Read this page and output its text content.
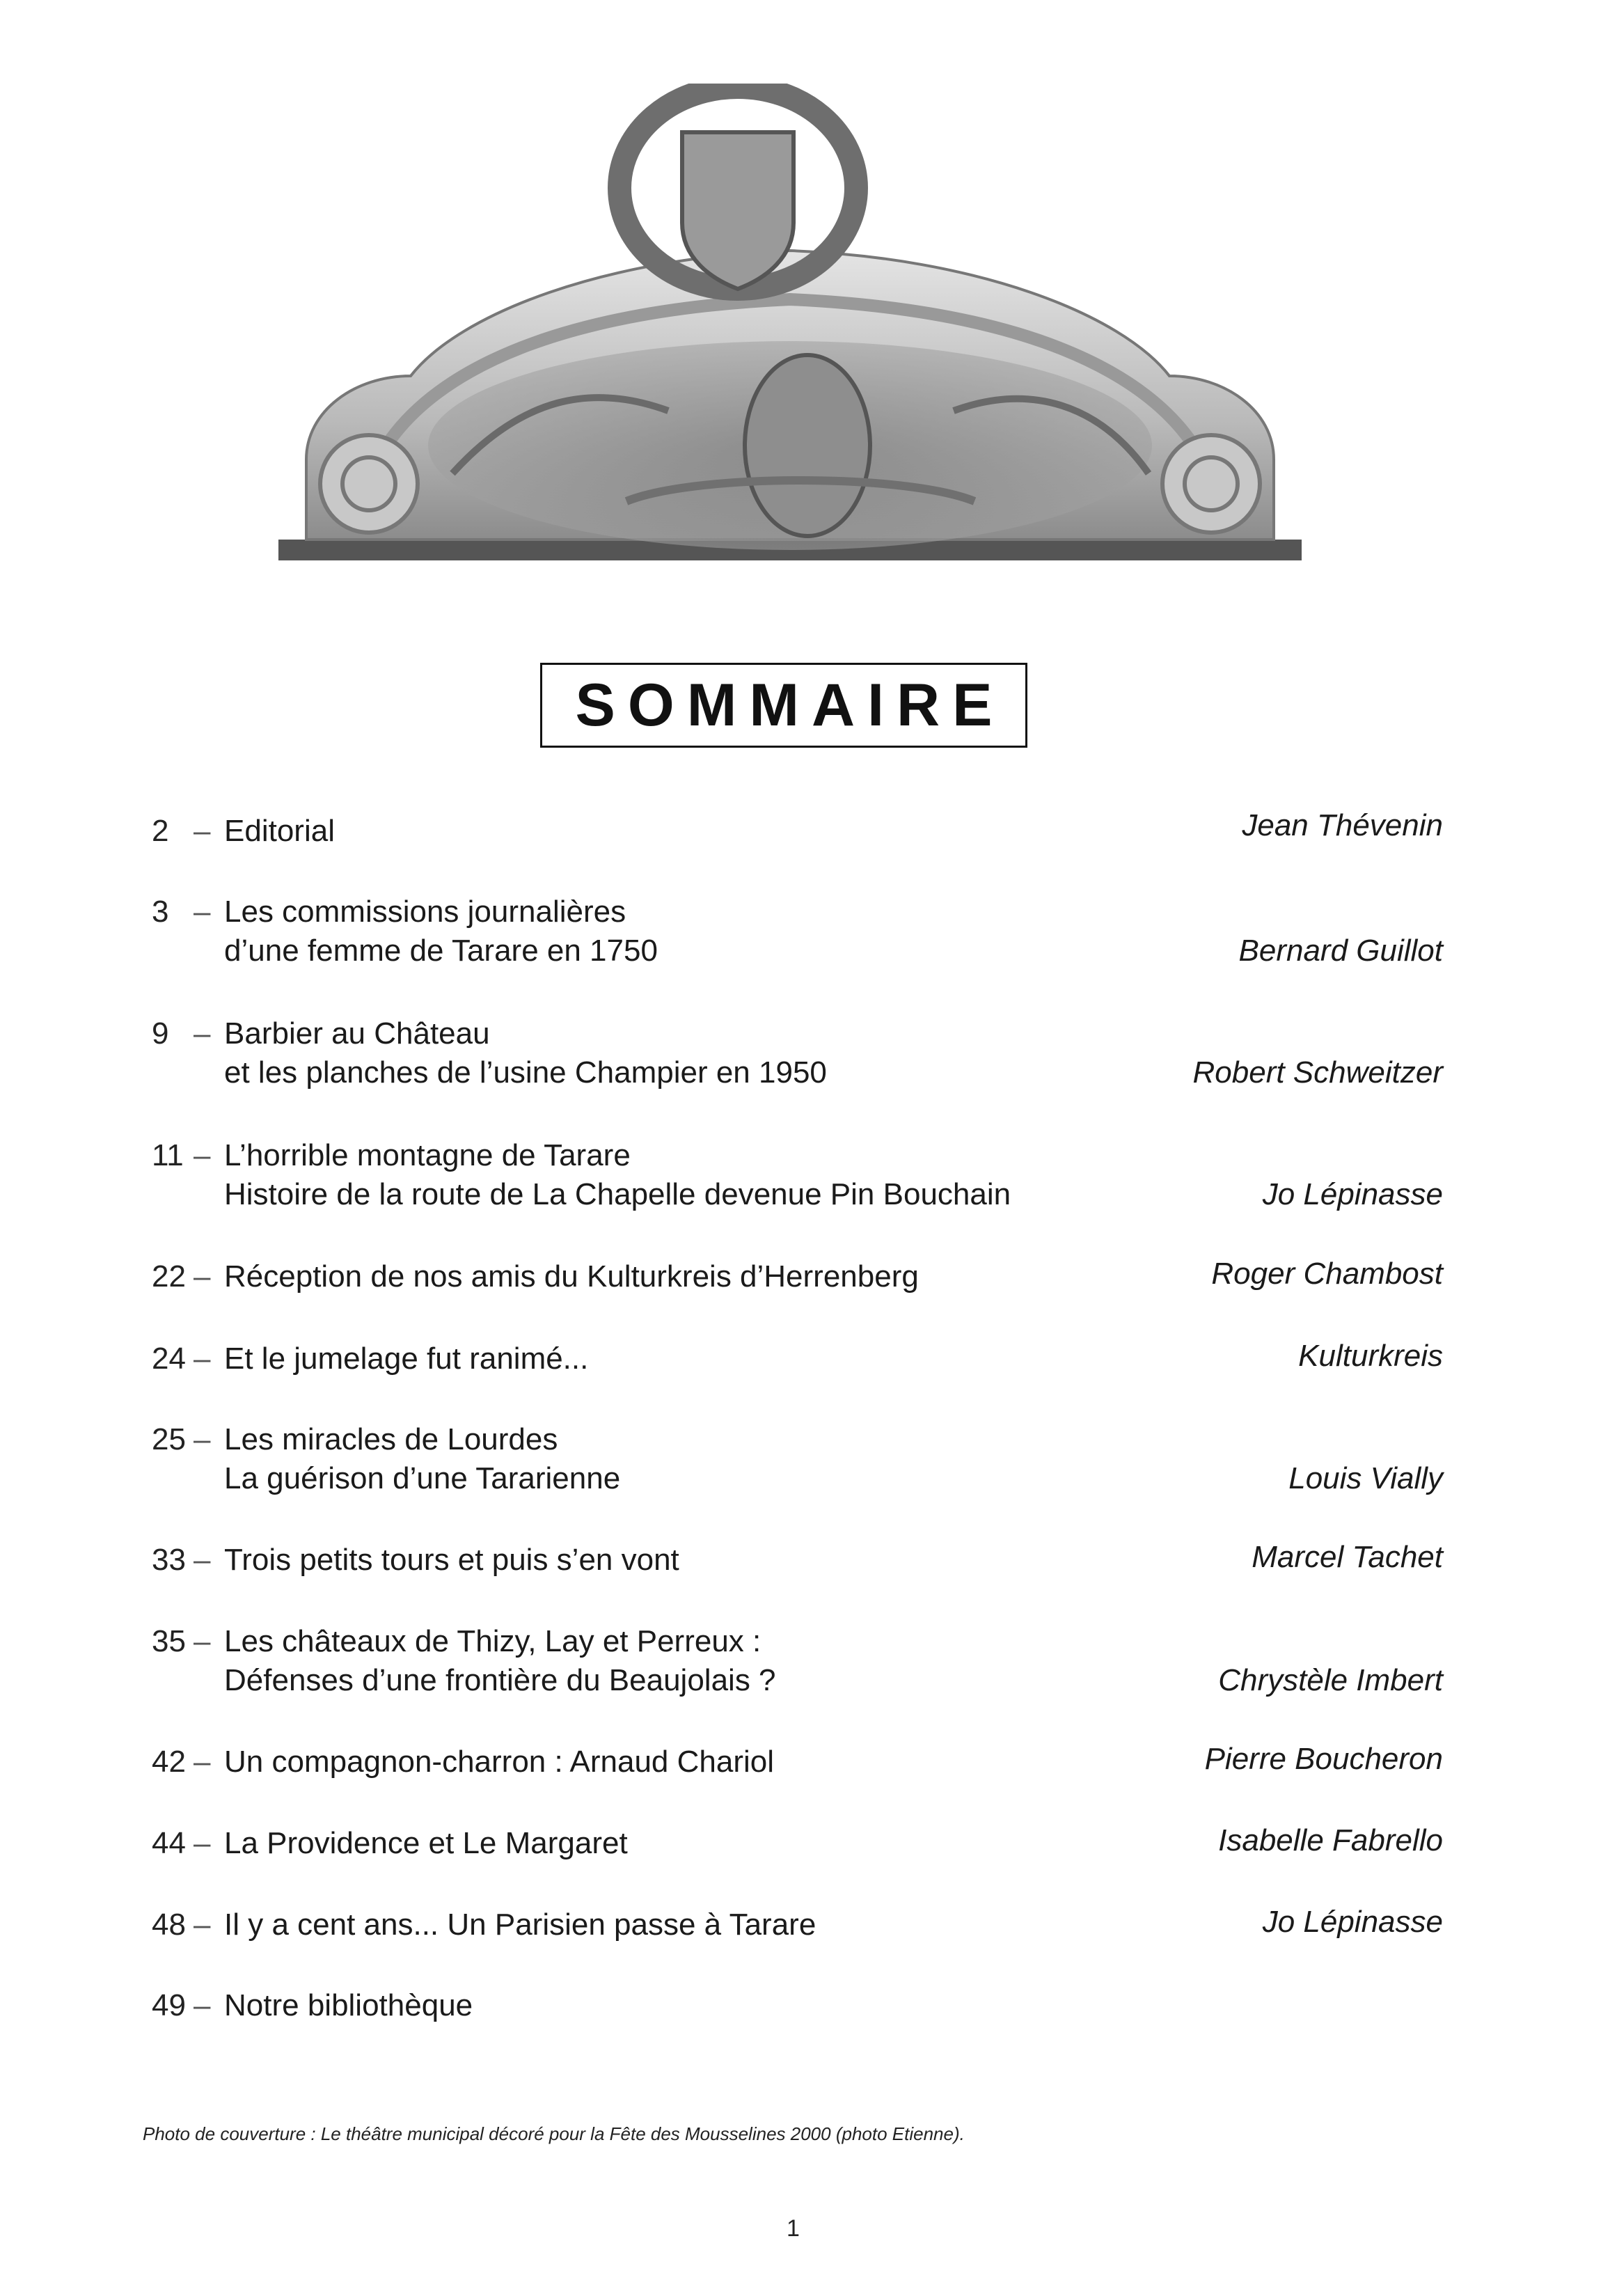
SOMMAIRE
2 – Editorial	Jean Thévenin
3 – Les commissions journalières
d’une femme de Tarare en 1750	Bernard Guillot
9 – Barbier au Château
et les planches de l’usine Champier en 1950	Robert Schweitzer
11 – L’horrible montagne de Tarare
Histoire de la route de La Chapelle devenue Pin Bouchain	Jo Lépinasse
22 – Réception de nos amis du Kulturkreis d’Herrenberg	Roger Chambost
24 – Et le jumelage fut ranimé...	Kulturkreis
25 – Les miracles de Lourdes
La guérison d’une Tararienne	Louis Vially
33 – Trois petits tours et puis s’en vont	Marcel Tachet
35 – Les châteaux de Thizy, Lay et Perreux :
Défenses d’une frontière du Beaujolais ?	Chrystèle Imbert
42 – Un compagnon-charron : Arnaud Chariol	Pierre Boucheron
44 – La Providence et Le Margaret	Isabelle Fabrello
48 – Il y a cent ans... Un Parisien passe à Tarare	Jo Lépinasse
49 – Notre bibliothèque
Photo de couverture : Le théâtre municipal décoré pour la Fête des Mousselines 2000 (photo Etienne).
1
